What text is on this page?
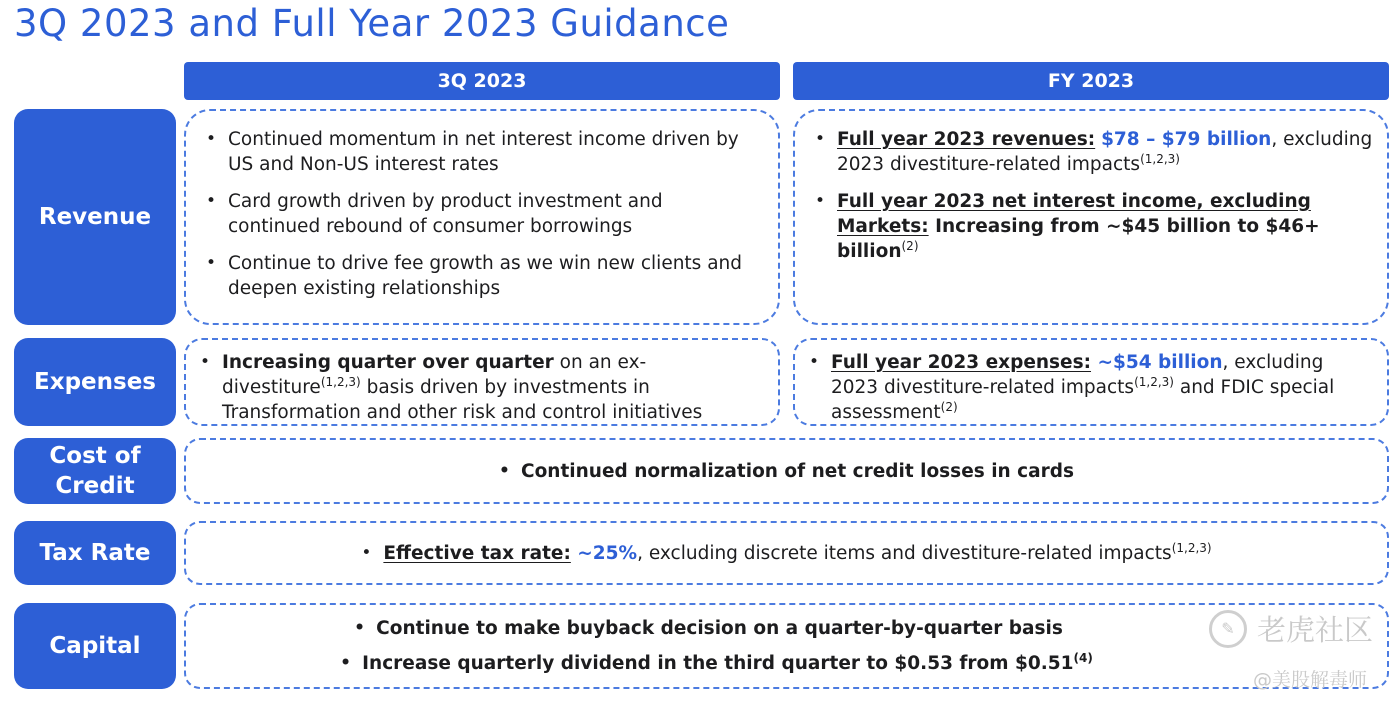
3Q 2023 and Full Year 2023 Guidance
3Q 2023	FY 2023
Revenue
• Continued momentum in net interest income driven by US and Non-US interest rates
• Card growth driven by product investment and continued rebound of consumer borrowings
• Continue to drive fee growth as we win new clients and deepen existing relationships
• Full year 2023 revenues: $78 – $79 billion, excluding 2023 divestiture-related impacts$^{(1,2,3)}$
• Full year 2023 net interest income, excluding Markets: Increasing from ~$45 billion to $46+ billion$^{(2)}$
Expenses
• Increasing quarter over quarter on an ex-divestiture$^{(1,2,3)}$ basis driven by investments in Transformation and other risk and control initiatives
• Full year 2023 expenses: ~$54 billion, excluding 2023 divestiture-related impacts$^{(1,2,3)}$ and FDIC special assessment$^{(2)}$
Cost of Credit
• Continued normalization of net credit losses in cards
Tax Rate
•	Effective tax rate: ~25%, excluding discrete items and divestiture-related impacts$^{(1,2,3)}$
Capital
• Continue to make buyback decision on a quarter-by-quarter basis
• Increase quarterly dividend in the third quarter to $0.53 from $0.51$^{(4)}$
✎ 老虎社区
@美股解毒师
